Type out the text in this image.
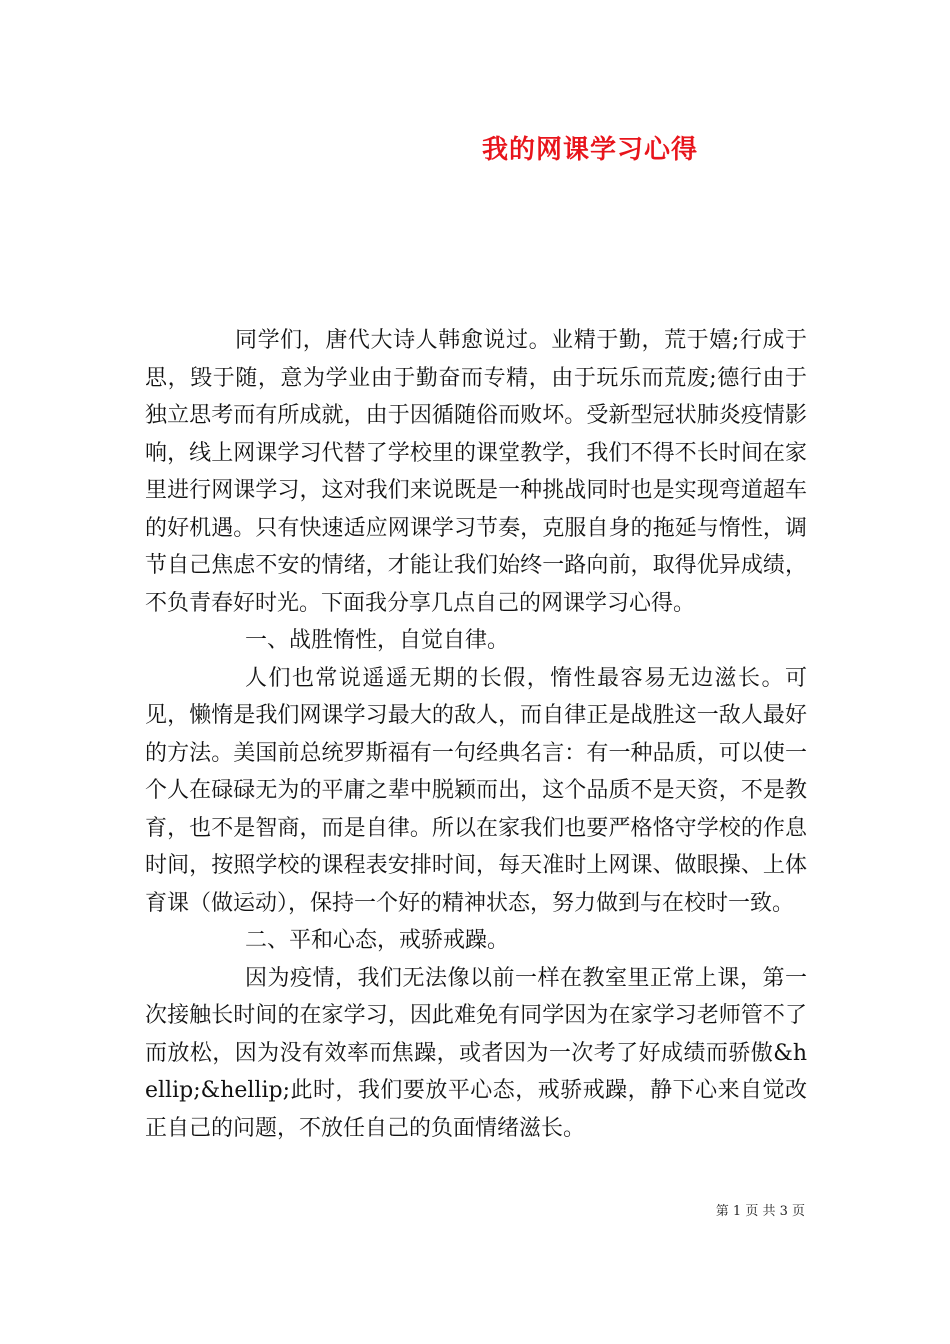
我的网课学习心得

同学们，唐代大诗人韩愈说过。业精于勤，荒于嬉;行成于思，毁于随，意为学业由于勤奋而专精，由于玩乐而荒废;德行由于独立思考而有所成就，由于因循随俗而败坏。受新型冠状肺炎疫情影响，线上网课学习代替了学校里的课堂教学，我们不得不长时间在家里进行网课学习，这对我们来说既是一种挑战同时也是实现弯道超车的好机遇。只有快速适应网课学习节奏，克服自身的拖延与惰性，调节自己焦虑不安的情绪，才能让我们始终一路向前，取得优异成绩，不负青春好时光。下面我分享几点自己的网课学习心得。

一、战胜惰性，自觉自律。

人们也常说遥遥无期的长假，惰性最容易无边滋长。可见，懒惰是我们网课学习最大的敌人，而自律正是战胜这一敌人最好的方法。美国前总统罗斯福有一句经典名言：有一种品质，可以使一个人在碌碌无为的平庸之辈中脱颖而出，这个品质不是天资，不是教育，也不是智商，而是自律。所以在家我们也要严格恪守学校的作息时间，按照学校的课程表安排时间，每天准时上网课、做眼操、上体育课（做运动），保持一个好的精神状态，努力做到与在校时一致。

二、平和心态，戒骄戒躁。

因为疫情，我们无法像以前一样在教室里正常上课，第一次接触长时间的在家学习，因此难免有同学因为在家学习老师管不了而放松，因为没有效率而焦躁，或者因为一次考了好成绩而骄傲&hellip;&hellip;此时，我们要放平心态，戒骄戒躁，静下心来自觉改正自己的问题，不放任自己的负面情绪滋长。

第 1 页 共 3 页
